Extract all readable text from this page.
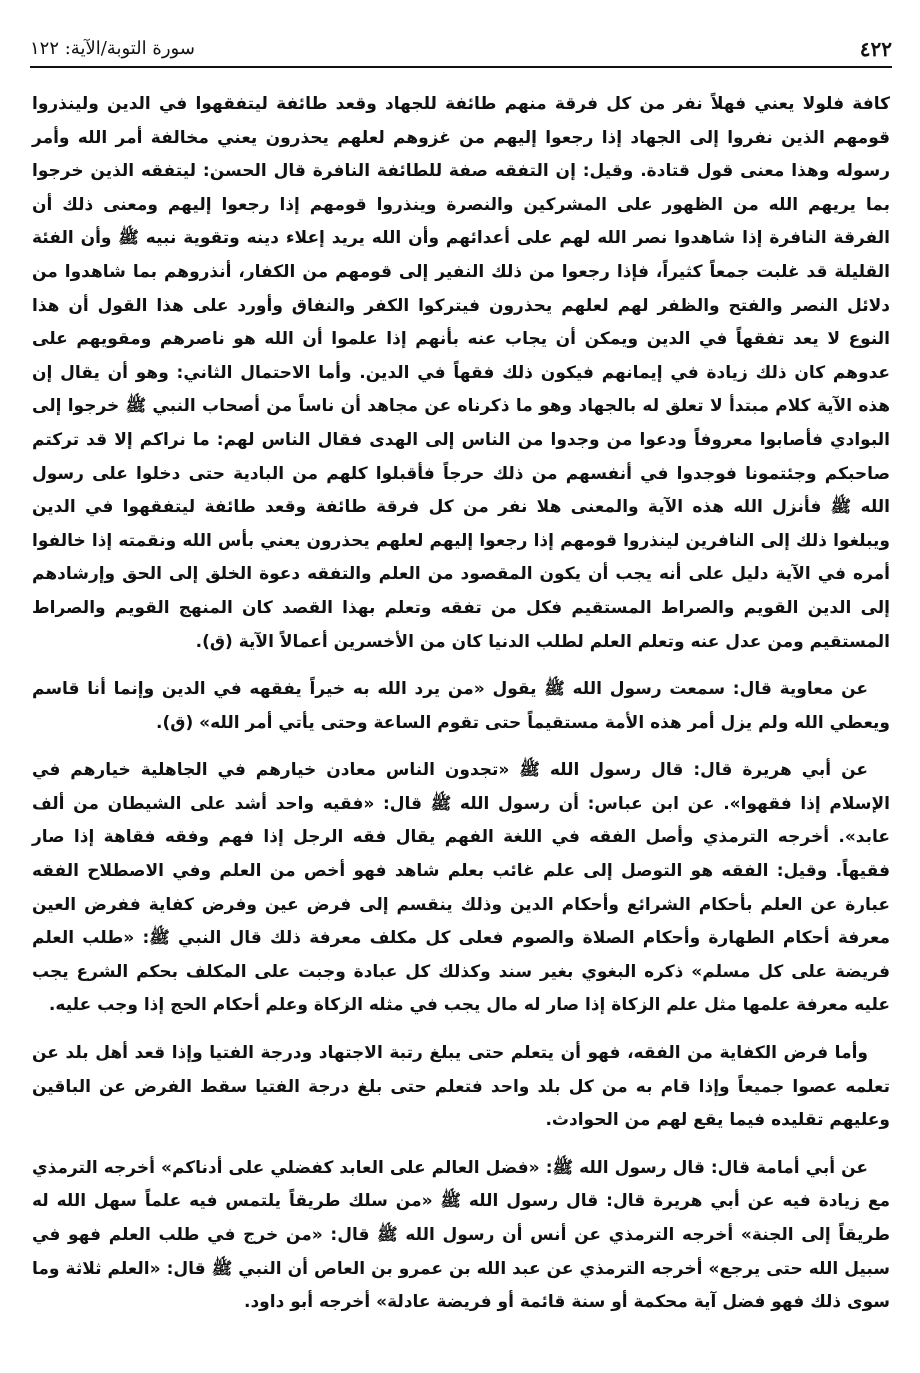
سورة التوبة/الآية: ١٢٢	٤٢٢

كافة فلولا يعني فهلاً نفر من كل فرقة منهم طائفة للجهاد وقعد طائفة ليتفقهوا في الدين ولينذروا قومهم الذين نفروا إلى الجهاد إذا رجعوا إليهم من غزوهم لعلهم يحذرون يعني مخالفة أمر الله وأمر رسوله وهذا معنى قول قتادة. وقيل: إن التفقه صفة للطائفة النافرة قال الحسن: ليتفقه الذين خرجوا بما يريهم الله من الظهور على المشركين والنصرة وينذروا قومهم إذا رجعوا إليهم ومعنى ذلك أن الفرقة النافرة إذا شاهدوا نصر الله لهم على أعدائهم وأن الله يريد إعلاء دينه وتقوية نبيه ﷺ وأن الفئة القليلة قد غلبت جمعاً كثيراً، فإذا رجعوا من ذلك النفير إلى قومهم من الكفار، أنذروهم بما شاهدوا من دلائل النصر والفتح والظفر لهم لعلهم يحذرون فيتركوا الكفر والنفاق وأورد على هذا القول أن هذا النوع لا يعد تفقهاً في الدين ويمكن أن يجاب عنه بأنهم إذا علموا أن الله هو ناصرهم ومقويهم على عدوهم كان ذلك زيادة في إيمانهم فيكون ذلك فقهاً في الدين. وأما الاحتمال الثاني: وهو أن يقال إن هذه الآية كلام مبتدأ لا تعلق له بالجهاد وهو ما ذكرناه عن مجاهد أن ناساً من أصحاب النبي ﷺ خرجوا إلى البوادي فأصابوا معروفاً ودعوا من وجدوا من الناس إلى الهدى فقال الناس لهم: ما نراكم إلا قد تركتم صاحبكم وجئتمونا فوجدوا في أنفسهم من ذلك حرجاً فأقبلوا كلهم من البادية حتى دخلوا على رسول الله ﷺ فأنزل الله هذه الآية والمعنى هلا نفر من كل فرقة طائفة وقعد طائفة ليتفقهوا في الدين ويبلغوا ذلك إلى النافرين لينذروا قومهم إذا رجعوا إليهم لعلهم يحذرون يعني بأس الله ونقمته إذا خالفوا أمره في الآية دليل على أنه يجب أن يكون المقصود من العلم والتفقه دعوة الخلق إلى الحق وإرشادهم إلى الدين القويم والصراط المستقيم فكل من تفقه وتعلم بهذا القصد كان المنهج القويم والصراط المستقيم ومن عدل عنه وتعلم العلم لطلب الدنيا كان من الأخسرين أعمالاً الآية (ق).

عن معاوية قال: سمعت رسول الله ﷺ يقول «من يرد الله به خيراً يفقهه في الدين وإنما أنا قاسم ويعطي الله ولم يزل أمر هذه الأمة مستقيماً حتى تقوم الساعة وحتى يأتي أمر الله» (ق).

عن أبي هريرة قال: قال رسول الله ﷺ «تجدون الناس معادن خيارهم في الجاهلية خيارهم في الإسلام إذا فقهوا». عن ابن عباس: أن رسول الله ﷺ قال: «فقيه واحد أشد على الشيطان من ألف عابد». أخرجه الترمذي وأصل الفقه في اللغة الفهم يقال فقه الرجل إذا فهم وفقه فقاهة إذا صار فقيهاً. وقيل: الفقه هو التوصل إلى علم غائب بعلم شاهد فهو أخص من العلم وفي الاصطلاح الفقه عبارة عن العلم بأحكام الشرائع وأحكام الدين وذلك ينقسم إلى فرض عين وفرض كفاية ففرض العين معرفة أحكام الطهارة وأحكام الصلاة والصوم فعلى كل مكلف معرفة ذلك قال النبي ﷺ: «طلب العلم فريضة على كل مسلم» ذكره البغوي بغير سند وكذلك كل عبادة وجبت على المكلف بحكم الشرع يجب عليه معرفة علمها مثل علم الزكاة إذا صار له مال يجب في مثله الزكاة وعلم أحكام الحج إذا وجب عليه.

وأما فرض الكفاية من الفقه، فهو أن يتعلم حتى يبلغ رتبة الاجتهاد ودرجة الفتيا وإذا قعد أهل بلد عن تعلمه عصوا جميعاً وإذا قام به من كل بلد واحد فتعلم حتى بلغ درجة الفتيا سقط الفرض عن الباقين وعليهم تقليده فيما يقع لهم من الحوادث.

عن أبي أمامة قال: قال رسول الله ﷺ: «فضل العالم على العابد كفضلي على أدناكم» أخرجه الترمذي مع زيادة فيه عن أبي هريرة قال: قال رسول الله ﷺ «من سلك طريقاً يلتمس فيه علماً سهل الله له طريقاً إلى الجنة» أخرجه الترمذي عن أنس أن رسول الله ﷺ قال: «من خرج في طلب العلم فهو في سبيل الله حتى يرجع» أخرجه الترمذي عن عبد الله بن عمرو بن العاص أن النبي ﷺ قال: «العلم ثلاثة وما سوى ذلك فهو فضل آية محكمة أو سنة قائمة أو فريضة عادلة» أخرجه أبو داود.
